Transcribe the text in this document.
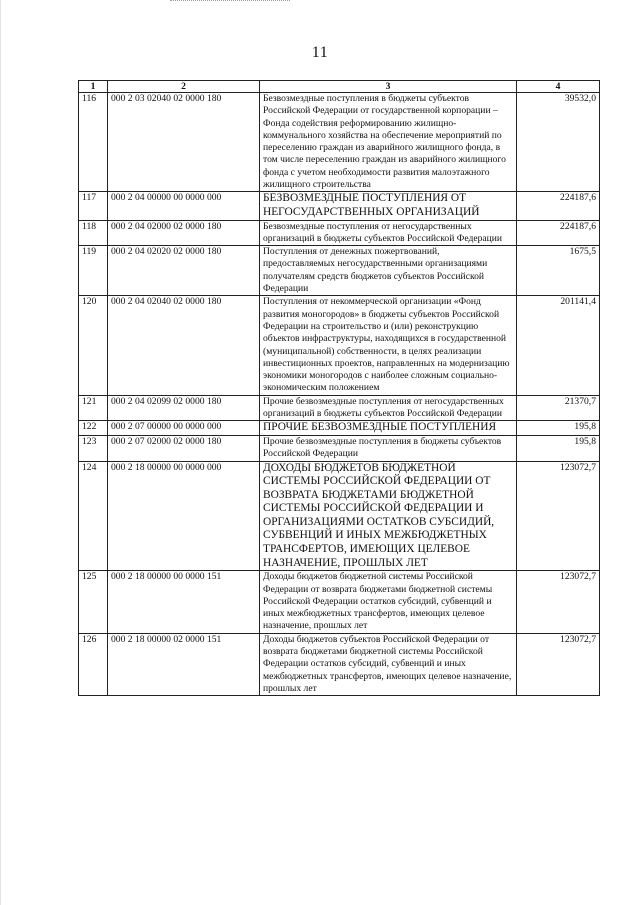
11
1	2	3	4
116	000 2 03 02040 02 0000 180	Безвозмездные поступления в бюджеты субъектов Российской Федерации от государственной корпорации – Фонда содействия реформированию жилищно-коммунального хозяйства на обеспечение мероприятий по переселению граждан из аварийного жилищного фонда, в том числе переселению граждан из аварийного жилищного фонда с учетом необходимости развития малоэтажного жилищного строительства	39532,0
117	000 2 04 00000 00 0000 000	БЕЗВОЗМЕЗДНЫЕ ПОСТУПЛЕНИЯ ОТ НЕГОСУДАРСТВЕННЫХ ОРГАНИЗАЦИЙ	224187,6
118	000 2 04 02000 02 0000 180	Безвозмездные поступления от негосударственных организаций в бюджеты субъектов Российской Федерации	224187,6
119	000 2 04 02020 02 0000 180	Поступления от денежных пожертвований, предоставляемых негосударственными организациями получателям средств бюджетов субъектов Российской Федерации	1675,5
120	000 2 04 02040 02 0000 180	Поступления от некоммерческой организации «Фонд развития моногородов» в бюджеты субъектов Российской Федерации на строительство и (или) реконструкцию объектов инфраструктуры, находящихся в государственной (муниципальной) собственности, в целях реализации инвестиционных проектов, направленных на модернизацию экономики моногородов с наиболее сложным социально-экономическим положением	201141,4
121	000 2 04 02099 02 0000 180	Прочие безвозмездные поступления от негосударственных организаций в бюджеты субъектов Российской Федерации	21370,7
122	000 2 07 00000 00 0000 000	ПРОЧИЕ БЕЗВОЗМЕЗДНЫЕ ПОСТУПЛЕНИЯ	195,8
123	000 2 07 02000 02 0000 180	Прочие безвозмездные поступления в бюджеты субъектов Российской Федерации	195,8
124	000 2 18 00000 00 0000 000	ДОХОДЫ БЮДЖЕТОВ БЮДЖЕТНОЙ СИСТЕМЫ РОССИЙСКОЙ ФЕДЕРАЦИИ ОТ ВОЗВРАТА БЮДЖЕТАМИ БЮДЖЕТНОЙ СИСТЕМЫ РОССИЙСКОЙ ФЕДЕРАЦИИ И ОРГАНИЗАЦИЯМИ ОСТАТКОВ СУБСИДИЙ, СУБВЕНЦИЙ И ИНЫХ МЕЖБЮДЖЕТНЫХ ТРАНСФЕРТОВ, ИМЕЮЩИХ ЦЕЛЕВОЕ НАЗНАЧЕНИЕ, ПРОШЛЫХ ЛЕТ	123072,7
125	000 2 18 00000 00 0000 151	Доходы бюджетов бюджетной системы Российской Федерации от возврата бюджетами бюджетной системы Российской Федерации остатков субсидий, субвенций и иных межбюджетных трансфертов, имеющих целевое назначение, прошлых лет	123072,7
126	000 2 18 00000 02 0000 151	Доходы бюджетов субъектов Российской Федерации от возврата бюджетами бюджетной системы Российской Федерации остатков субсидий, субвенций и иных межбюджетных трансфертов, имеющих целевое назначение, прошлых лет	123072,7
